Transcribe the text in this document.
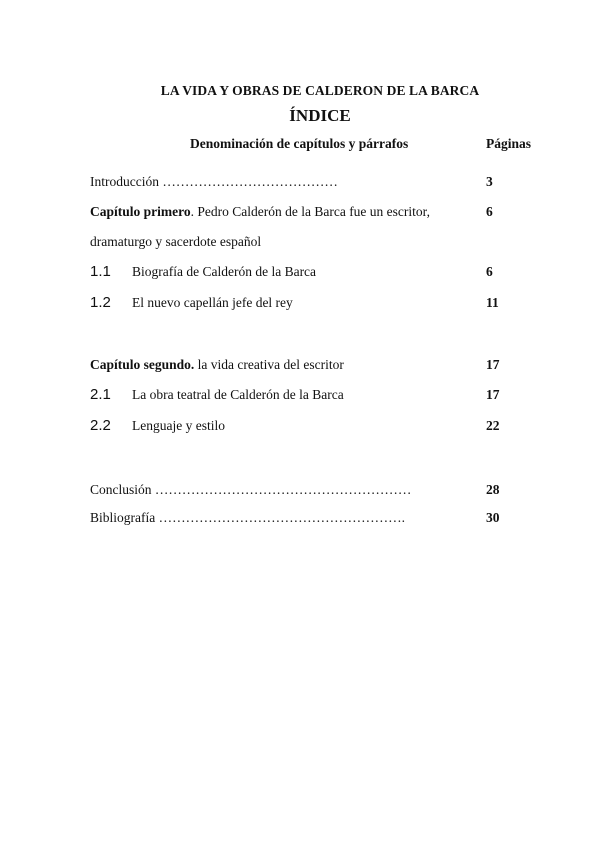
LA VIDA Y OBRAS DE CALDERON DE LA BARCA
ÍNDICE
Denominación de capítulos y párrafos	Páginas
Introducción …………………………………	3
Capítulo primero. Pedro Calderón de la Barca fue un escritor,	6
dramaturgo y sacerdote español
1.1 Biografía de Calderón de la Barca	6
1.2 El nuevo capellán jefe del rey	11
Capítulo segundo. la vida creativa del escritor	17
2.1 La obra teatral de Calderón de la Barca	17
2.2 Lenguaje y estilo	22
Conclusión …………………………………………………	28
Bibliografía ……………………………………………….	30
